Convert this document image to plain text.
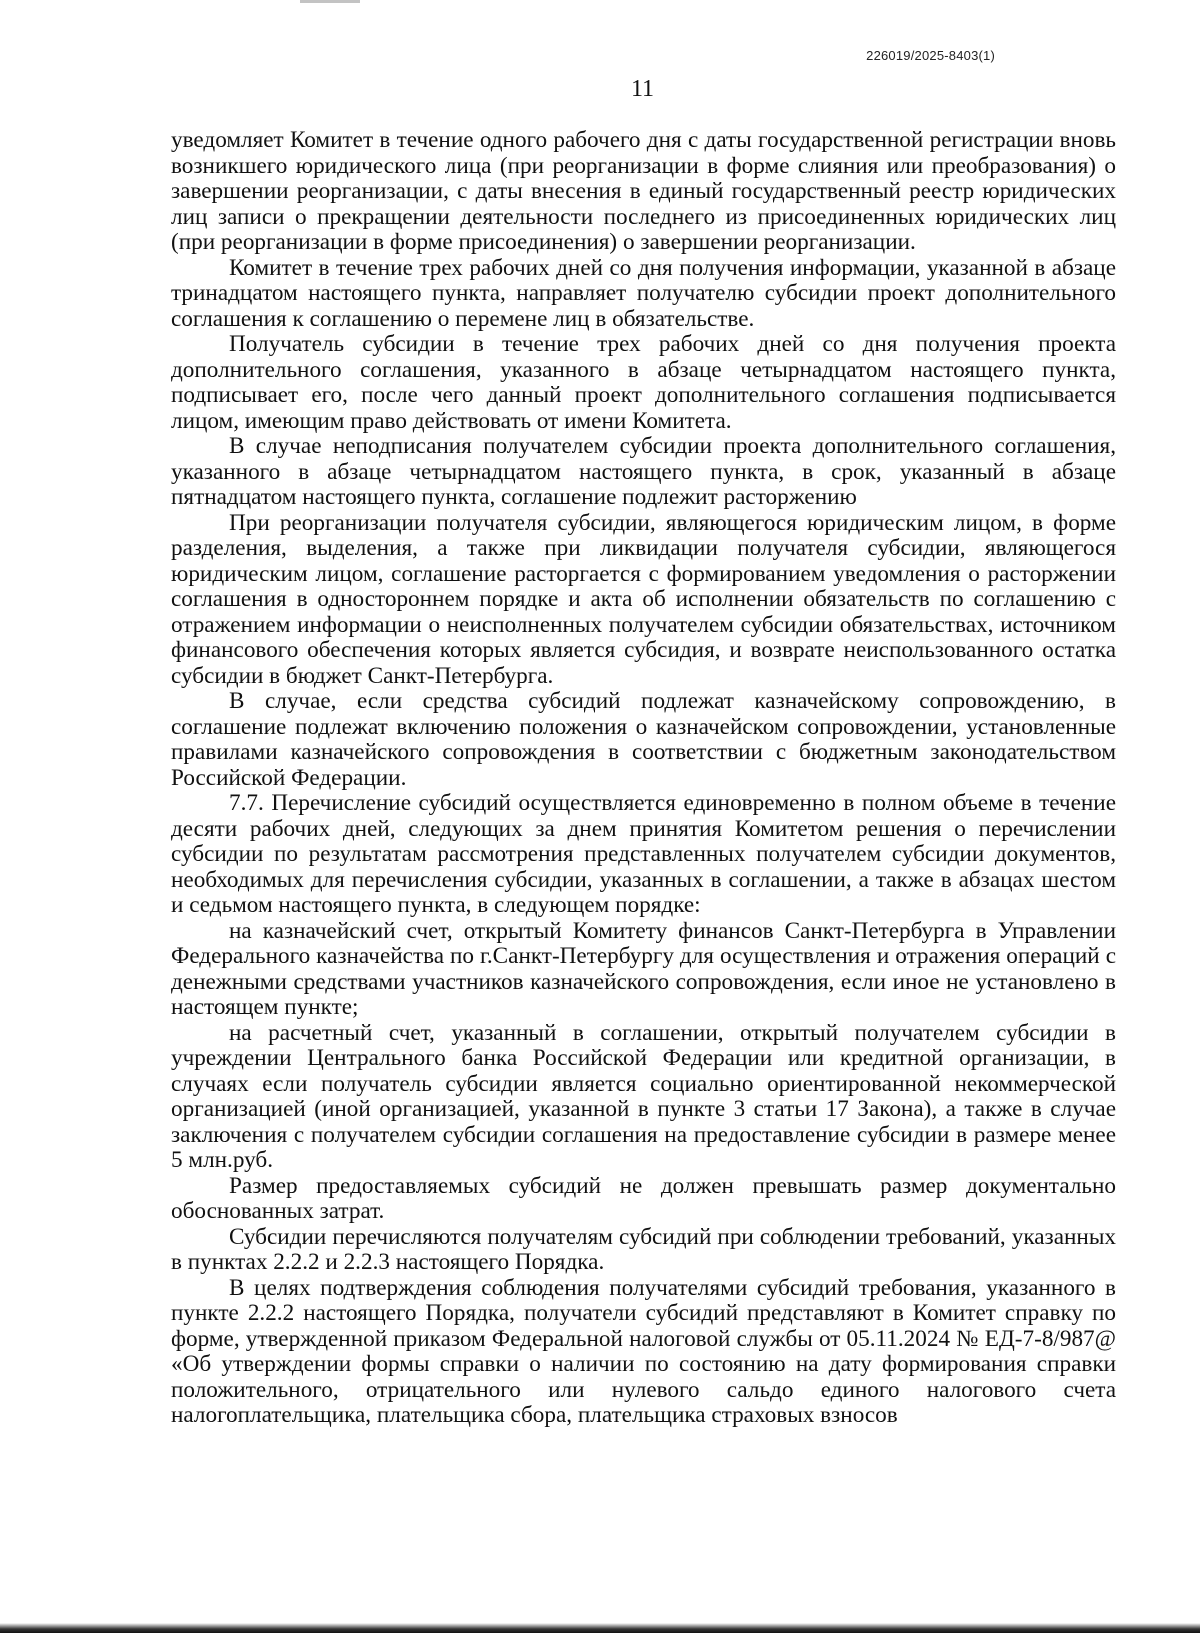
226019/2025-8403(1)
11

уведомляет Комитет в течение одного рабочего дня с даты государственной регистрации вновь возникшего юридического лица (при реорганизации в форме слияния или преобразования) о завершении реорганизации, с даты внесения в единый государственный реестр юридических лиц записи о прекращении деятельности последнего из присоединенных юридических лиц (при реорганизации в форме присоединения) о завершении реорганизации.

Комитет в течение трех рабочих дней со дня получения информации, указанной в абзаце тринадцатом настоящего пункта, направляет получателю субсидии проект дополнительного соглашения к соглашению о перемене лиц в обязательстве.

Получатель субсидии в течение трех рабочих дней со дня получения проекта дополнительного соглашения, указанного в абзаце четырнадцатом настоящего пункта, подписывает его, после чего данный проект дополнительного соглашения подписывается лицом, имеющим право действовать от имени Комитета.

В случае неподписания получателем субсидии проекта дополнительного соглашения, указанного в абзаце четырнадцатом настоящего пункта, в срок, указанный в абзаце пятнадцатом настоящего пункта, соглашение подлежит расторжению

При реорганизации получателя субсидии, являющегося юридическим лицом, в форме разделения, выделения, а также при ликвидации получателя субсидии, являющегося юридическим лицом, соглашение расторгается с формированием уведомления о расторжении соглашения в одностороннем порядке и акта об исполнении обязательств по соглашению с отражением информации о неисполненных получателем субсидии обязательствах, источником финансового обеспечения которых является субсидия, и возврате неиспользованного остатка субсидии в бюджет Санкт-Петербурга.

В случае, если средства субсидий подлежат казначейскому сопровождению, в соглашение подлежат включению положения о казначейском сопровождении, установленные правилами казначейского сопровождения в соответствии с бюджетным законодательством Российской Федерации.

7.7. Перечисление субсидий осуществляется единовременно в полном объеме в течение десяти рабочих дней, следующих за днем принятия Комитетом решения о перечислении субсидии по результатам рассмотрения представленных получателем субсидии документов, необходимых для перечисления субсидии, указанных в соглашении, а также в абзацах шестом и седьмом настоящего пункта, в следующем порядке:

на казначейский счет, открытый Комитету финансов Санкт-Петербурга в Управлении Федерального казначейства по г.Санкт-Петербургу для осуществления и отражения операций с денежными средствами участников казначейского сопровождения, если иное не установлено в настоящем пункте;

на расчетный счет, указанный в соглашении, открытый получателем субсидии в учреждении Центрального банка Российской Федерации или кредитной организации, в случаях если получатель субсидии является социально ориентированной некоммерческой организацией (иной организацией, указанной в пункте 3 статьи 17 Закона), а также в случае заключения с получателем субсидии соглашения на предоставление субсидии в размере менее 5 млн.руб.

Размер предоставляемых субсидий не должен превышать размер документально обоснованных затрат.

Субсидии перечисляются получателям субсидий при соблюдении требований, указанных в пунктах 2.2.2 и 2.2.3 настоящего Порядка.

В целях подтверждения соблюдения получателями субсидий требования, указанного в пункте 2.2.2 настоящего Порядка, получатели субсидий представляют в Комитет справку по форме, утвержденной приказом Федеральной налоговой службы от 05.11.2024 № ЕД-7-8/987@ «Об утверждении формы справки о наличии по состоянию на дату формирования справки положительного, отрицательного или нулевого сальдо единого налогового счета налогоплательщика, плательщика сбора, плательщика страховых взносов
